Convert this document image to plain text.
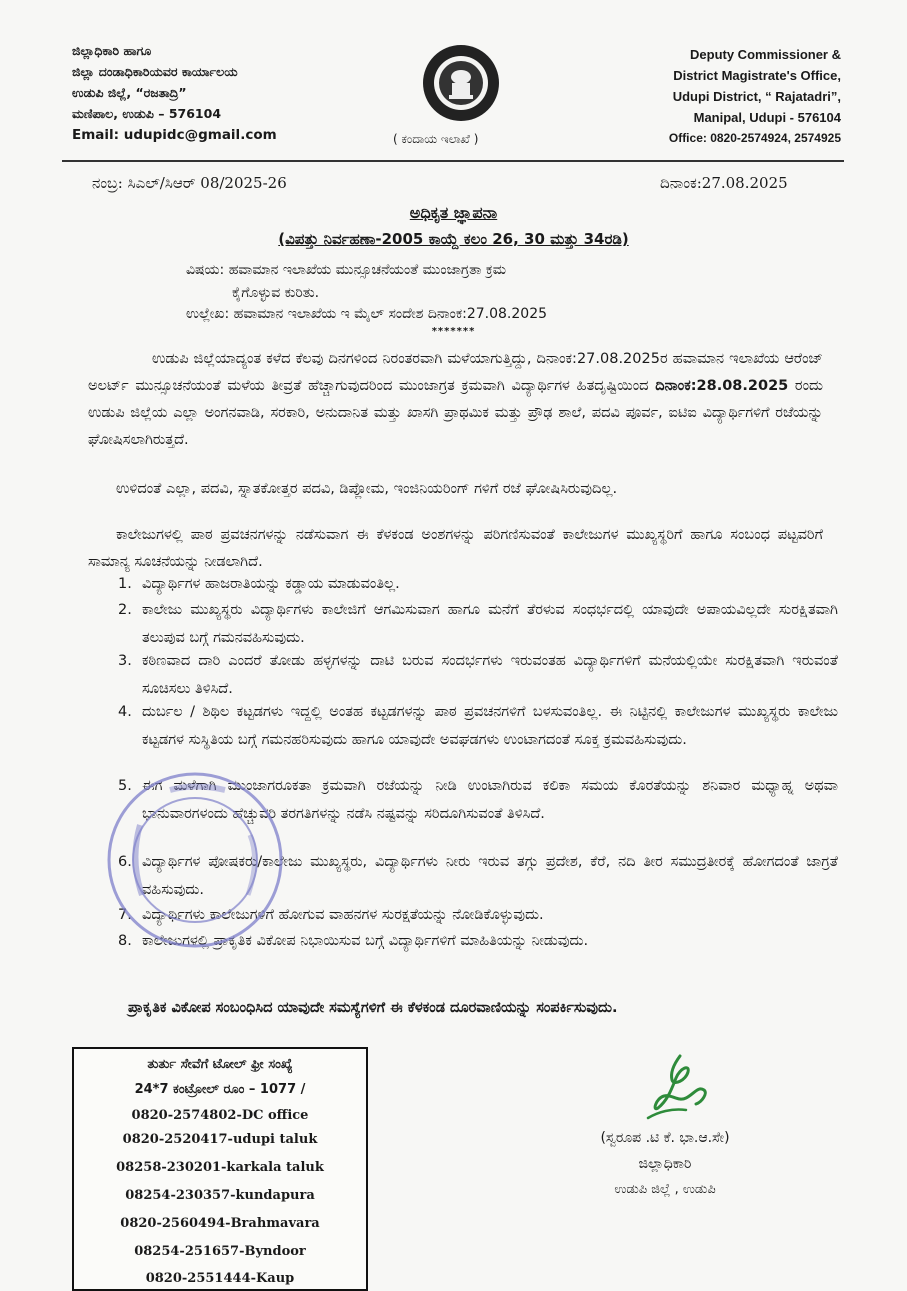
ಜಿಲ್ಲಾಧಿಕಾರಿ ಹಾಗೂ
ಜಿಲ್ಲಾ ದಂಡಾಧಿಕಾರಿಯವರ ಕಾರ್ಯಾಲಯ
ಉಡುಪಿ ಜಿಲ್ಲೆ, “ರಜತಾದ್ರಿ”
ಮಣಿಪಾಲ, ಉಡುಪಿ – 576104
Email: udupidc@gmail.com	( ಕಂದಾಯ ಇಲಾಖೆ )
Deputy Commissioner &
District Magistrate's Office,
Udupi District, “ Rajatadri”,
Manipal, Udupi - 576104
Office: 0820-2574924, 2574925
ನಂಬ್ರ: ಸಿಎಲ್/ಸಿಆರ್ 08/2025-26	ದಿನಾಂಕ:27.08.2025
ಅಧಿಕೃತ ಜ್ಞಾಪನಾ
(ವಿಪತ್ತು ನಿರ್ವಹಣಾ-2005 ಕಾಯ್ದೆ ಕಲಂ 26, 30 ಮತ್ತು 34ರಡಿ)
ವಿಷಯ: ಹವಾಮಾನ ಇಲಾಖೆಯ ಮುನ್ಸೂಚನೆಯಂತೆ ಮುಂಜಾಗ್ರತಾ ಕ್ರಮ
ಕೈಗೊಳ್ಳುವ ಕುರಿತು.
ಉಲ್ಲೇಖ: ಹವಾಮಾನ ಇಲಾಖೆಯ ಇ ಮೈಲ್ ಸಂದೇಶ ದಿನಾಂಕ:27.08.2025
*******
ಉಡುಪಿ ಜಿಲ್ಲೆಯಾದ್ಯಂತ ಕಳೆದ ಕೆಲವು ದಿನಗಳಿಂದ ನಿರಂತರವಾಗಿ ಮಳೆಯಾಗುತ್ತಿದ್ದು, ದಿನಾಂಕ:27.08.2025ರ ಹವಾಮಾನ ಇಲಾಖೆಯ ಆರೆಂಜ್ ಅಲರ್ಟ್ ಮುನ್ಸೂಚನೆಯಂತೆ ಮಳೆಯ ತೀವ್ರತೆ ಹೆಚ್ಚಾಗುವುದರಿಂದ ಮುಂಜಾಗ್ರತ ಕ್ರಮವಾಗಿ ವಿದ್ಯಾರ್ಥಿಗಳ ಹಿತದೃಷ್ಟಿಯಿಂದ ದಿನಾಂಕ:28.08.2025 ರಂದು ಉಡುಪಿ ಜಿಲ್ಲೆಯ ಎಲ್ಲಾ ಅಂಗನವಾಡಿ, ಸರಕಾರಿ, ಅನುದಾನಿತ ಮತ್ತು ಖಾಸಗಿ ಪ್ರಾಥಮಿಕ ಮತ್ತು ಪ್ರೌಢ ಶಾಲೆ, ಪದವಿ ಪೂರ್ವ, ಐಟಿಐ ವಿದ್ಯಾರ್ಥಿಗಳಿಗೆ ರಜೆಯನ್ನು ಘೋಷಿಸಲಾಗಿರುತ್ತದೆ.
ಉಳಿದಂತೆ ಎಲ್ಲಾ, ಪದವಿ, ಸ್ನಾತಕೋತ್ತರ ಪದವಿ, ಡಿಪ್ಲೋಮ, ಇಂಜಿನಿಯರಿಂಗ್ ಗಳಿಗೆ ರಜೆ ಘೋಷಿಸಿರುವುದಿಲ್ಲ.
ಕಾಲೇಜುಗಳಲ್ಲಿ ಪಾಠ ಪ್ರವಚನಗಳನ್ನು ನಡೆಸುವಾಗ ಈ ಕೆಳಕಂಡ ಅಂಶಗಳನ್ನು ಪರಿಗಣಿಸುವಂತೆ ಕಾಲೇಜುಗಳ ಮುಖ್ಯಸ್ಥರಿಗೆ ಹಾಗೂ ಸಂಬಂಧ ಪಟ್ಟವರಿಗೆ ಸಾಮಾನ್ಯ ಸೂಚನೆಯನ್ನು ನೀಡಲಾಗಿದೆ.
1. ವಿದ್ಯಾರ್ಥಿಗಳ ಹಾಜರಾತಿಯನ್ನು ಕಡ್ಡಾಯ ಮಾಡುವಂತಿಲ್ಲ.
2. ಕಾಲೇಜು ಮುಖ್ಯಸ್ಥರು ವಿದ್ಯಾರ್ಥಿಗಳು ಕಾಲೇಜಿಗೆ ಆಗಮಿಸುವಾಗ ಹಾಗೂ ಮನೆಗೆ ತೆರಳುವ ಸಂಧರ್ಭದಲ್ಲಿ ಯಾವುದೇ ಅಪಾಯವಿಲ್ಲದೇ ಸುರಕ್ಷಿತವಾಗಿ ತಲುಪುವ ಬಗ್ಗೆ ಗಮನವಹಿಸುವುದು.
3. ಕಠಿಣವಾದ ದಾರಿ ಎಂದರೆ ತೋಡು ಹಳ್ಳಗಳನ್ನು ದಾಟಿ ಬರುವ ಸಂದರ್ಭಗಳು ಇರುವಂತಹ ವಿದ್ಯಾರ್ಥಿಗಳಿಗೆ ಮನೆಯಲ್ಲಿಯೇ ಸುರಕ್ಷಿತವಾಗಿ ಇರುವಂತೆ ಸೂಚಿಸಲು ತಿಳಿಸಿದೆ.
4. ದುರ್ಬಲ / ಶಿಥಿಲ ಕಟ್ಟಡಗಳು ಇದ್ದಲ್ಲಿ ಅಂತಹ ಕಟ್ಟಡಗಳನ್ನು ಪಾಠ ಪ್ರವಚನಗಳಿಗೆ ಬಳಸುವಂತಿಲ್ಲ. ಈ ನಿಟ್ಟಿನಲ್ಲಿ ಕಾಲೇಜುಗಳ ಮುಖ್ಯಸ್ಥರು ಕಾಲೇಜು ಕಟ್ಟಡಗಳ ಸುಸ್ಥಿತಿಯ ಬಗ್ಗೆ ಗಮನಹರಿಸುವುದು ಹಾಗೂ ಯಾವುದೇ ಅವಘಡಗಳು ಉಂಟಾಗದಂತೆ ಸೂಕ್ತ ಕ್ರಮವಹಿಸುವುದು.
5. ಈಗ ಮಳೆಗಾಗಿ ಮುಂಜಾಗರೂಕತಾ ಕ್ರಮವಾಗಿ ರಜೆಯನ್ನು ನೀಡಿ ಉಂಟಾಗಿರುವ ಕಲಿಕಾ ಸಮಯ ಕೊರತೆಯನ್ನು ಶನಿವಾರ ಮಧ್ಯಾಹ್ನ ಅಥವಾ ಭಾನುವಾರಗಳಂದು ಹೆಚ್ಚುವರಿ ತರಗತಿಗಳನ್ನು ನಡೆಸಿ ನಷ್ಟವನ್ನು ಸರಿದೂಗಿಸುವಂತೆ ತಿಳಿಸಿದೆ.
6. ವಿದ್ಯಾರ್ಥಿಗಳ ಪೋಷಕರು/ಕಾಲೇಜು ಮುಖ್ಯಸ್ಥರು, ವಿದ್ಯಾರ್ಥಿಗಳು ನೀರು ಇರುವ ತಗ್ಗು ಪ್ರದೇಶ, ಕೆರೆ, ನದಿ ತೀರ ಸಮುದ್ರತೀರಕ್ಕೆ ಹೋಗದಂತೆ ಜಾಗ್ರತೆ ವಹಿಸುವುದು.
7. ವಿದ್ಯಾರ್ಥಿಗಳು ಕಾಲೇಜುಗಳಿಗೆ ಹೋಗುವ ವಾಹನಗಳ ಸುರಕ್ಷತೆಯನ್ನು ನೋಡಿಕೊಳ್ಳುವುದು.
8. ಕಾಲೇಜುಗಳಲ್ಲಿ ಪ್ರಾಕೃತಿಕ ವಿಕೋಪ ನಿಭಾಯಿಸುವ ಬಗ್ಗೆ ವಿದ್ಯಾರ್ಥಿಗಳಿಗೆ ಮಾಹಿತಿಯನ್ನು ನೀಡುವುದು.
ಪ್ರಾಕೃತಿಕ ವಿಕೋಪ ಸಂಬಂಧಿಸಿದ ಯಾವುದೇ ಸಮಸ್ಯೆಗಳಿಗೆ ಈ ಕೆಳಕಂಡ ದೂರವಾಣಿಯನ್ನು ಸಂಪರ್ಕಿಸುವುದು.
ತುರ್ತು ಸೇವೆಗೆ ಟೋಲ್ ಫ್ರೀ ಸಂಖ್ಯೆ
24*7 ಕಂಟ್ರೋಲ್ ರೂಂ – 1077 /
0820-2574802-DC office
0820-2520417-udupi taluk
08258-230201-karkala taluk
08254-230357-kundapura
0820-2560494-Brahmavara
08254-251657-Byndoor
0820-2551444-Kaup
(ಸ್ವರೂಪ .ಟಿ ಕೆ. ಭಾ.ಆ.ಸೇ)
ಜಿಲ್ಲಾಧಿಕಾರಿ
ಉಡುಪಿ ಜಿಲ್ಲೆ , ಉಡುಪಿ
